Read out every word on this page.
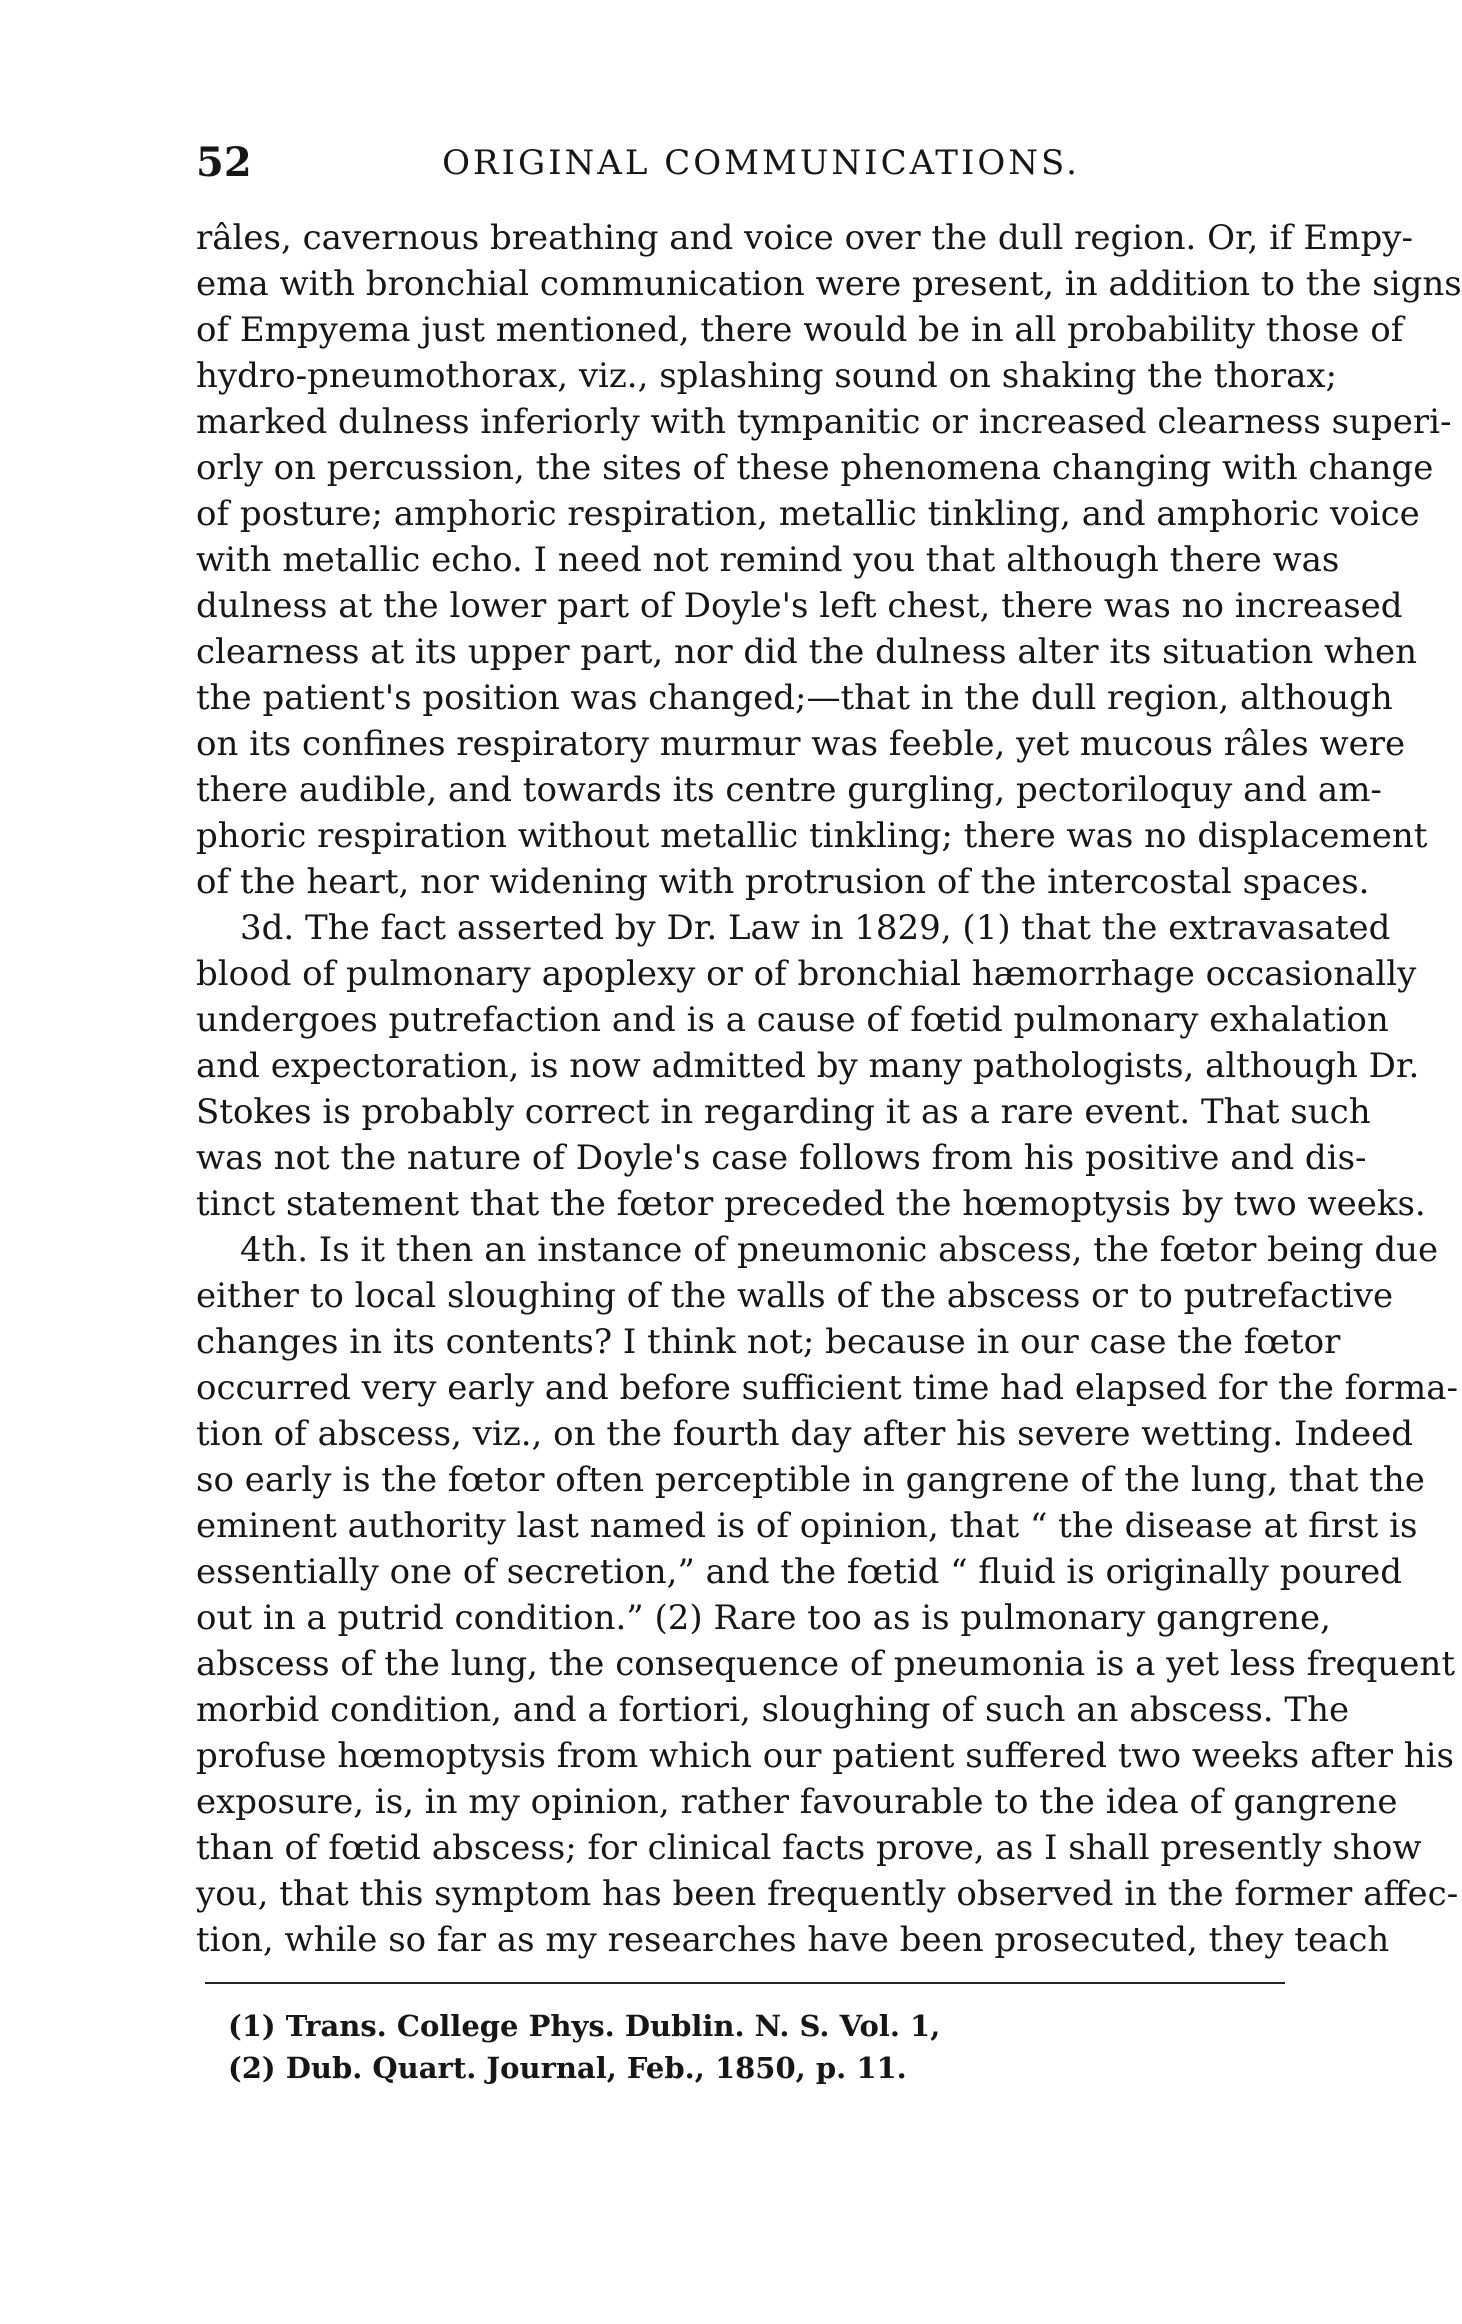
52	ORIGINAL COMMUNICATIONS.
râles, cavernous breathing and voice over the dull region. Or, if Empy-
ema with bronchial communication were present, in addition to the signs
of Empyema just mentioned, there would be in all probability those of
hydro-pneumothorax, viz., splashing sound on shaking the thorax;
marked dulness inferiorly with tympanitic or increased clearness superi-
orly on percussion, the sites of these phenomena changing with change
of posture; amphoric respiration, metallic tinkling, and amphoric voice
with metallic echo. I need not remind you that although there was
dulness at the lower part of Doyle's left chest, there was no increased
clearness at its upper part, nor did the dulness alter its situation when
the patient's position was changed;—that in the dull region, although
on its confines respiratory murmur was feeble, yet mucous râles were
there audible, and towards its centre gurgling, pectoriloquy and am-
phoric respiration without metallic tinkling; there was no displacement
of the heart, nor widening with protrusion of the intercostal spaces.
3d. The fact asserted by Dr. Law in 1829, (1) that the extravasated
blood of pulmonary apoplexy or of bronchial hæmorrhage occasionally
undergoes putrefaction and is a cause of fœtid pulmonary exhalation
and expectoration, is now admitted by many pathologists, although Dr.
Stokes is probably correct in regarding it as a rare event. That such
was not the nature of Doyle's case follows from his positive and dis-
tinct statement that the fœtor preceded the hœmoptysis by two weeks.
4th. Is it then an instance of pneumonic abscess, the fœtor being due
either to local sloughing of the walls of the abscess or to putrefactive
changes in its contents? I think not; because in our case the fœtor
occurred very early and before sufficient time had elapsed for the forma-
tion of abscess, viz., on the fourth day after his severe wetting. Indeed
so early is the fœtor often perceptible in gangrene of the lung, that the
eminent authority last named is of opinion, that “ the disease at first is
essentially one of secretion,” and the fœtid “ fluid is originally poured
out in a putrid condition.” (2) Rare too as is pulmonary gangrene,
abscess of the lung, the consequence of pneumonia is a yet less frequent
morbid condition, and a fortiori, sloughing of such an abscess. The
profuse hœmoptysis from which our patient suffered two weeks after his
exposure, is, in my opinion, rather favourable to the idea of gangrene
than of fœtid abscess; for clinical facts prove, as I shall presently show
you, that this symptom has been frequently observed in the former affec-
tion, while so far as my researches have been prosecuted, they teach
(1) Trans. College Phys. Dublin. N. S. Vol. 1,
(2) Dub. Quart. Journal, Feb., 1850, p. 11.
